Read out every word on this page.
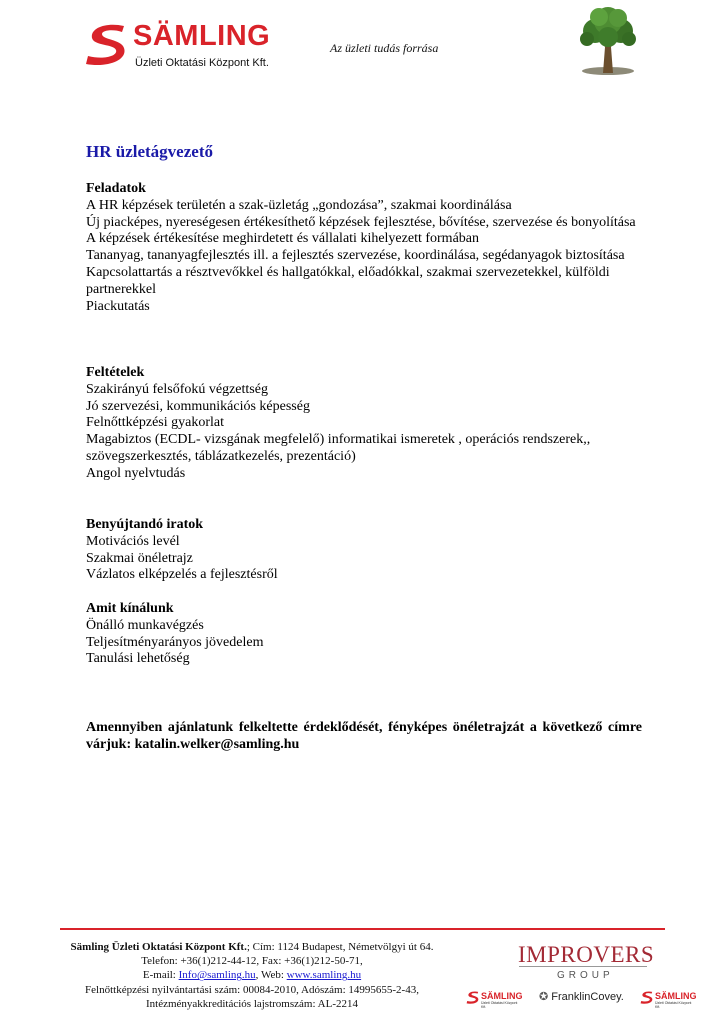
SÄMLING
Üzleti Oktatási Központ Kft.
Az üzleti tudás forrása
HR üzletágvezető
Feladatok
A HR képzések területén a szak-üzletág „gondozása”, szakmai koordinálása
Új piacképes, nyereségesen értékesíthető képzések fejlesztése, bővítése, szervezése és bonyolítása
A képzések értékesítése meghirdetett és vállalati kihelyezett formában
Tananyag, tananyagfejlesztés ill. a fejlesztés szervezése, koordinálása, segédanyagok biztosítása
Kapcsolattartás a résztvevőkkel és hallgatókkal, előadókkal, szakmai szervezetekkel, külföldi partnerekkel
Piackutatás
Feltételek
Szakirányú felsőfokú végzettség
Jó szervezési, kommunikációs képesség
Felnőttképzési gyakorlat
Magabiztos (ECDL- vizsgának megfelelő) informatikai ismeretek , operációs rendszerek,, szövegszerkesztés, táblázatkezelés, prezentáció)
Angol nyelvtudás
Benyújtandó iratok
Motivációs levél
Szakmai önéletrajz
Vázlatos elképzelés a fejlesztésről
Amit kínálunk
Önálló munkavégzés
Teljesítményarányos jövedelem
Tanulási lehetőség
Amennyiben ajánlatunk felkeltette érdeklődését, fényképes önéletrajzát a következő címre várjuk: katalin.welker@samling.hu
Sämling Üzleti Oktatási Központ Kft.; Cím: 1124 Budapest, Németvölgyi út 64.
Telefon: +36(1)212-44-12, Fax: +36(1)212-50-71,
E-mail: Info@samling.hu, Web: www.samling.hu
Felnőttképzési nyilvántartási szám: 00084-2010, Adószám: 14995655-2-43,
Intézményakkreditációs lajstromszám: AL-2214
IMPROVERS
GROUP
SÄMLING
Üzleti Oktatási Központ Kft.
✪ FranklinCovey.	SÄMLING
Üzleti Oktatási Központ Kft.
